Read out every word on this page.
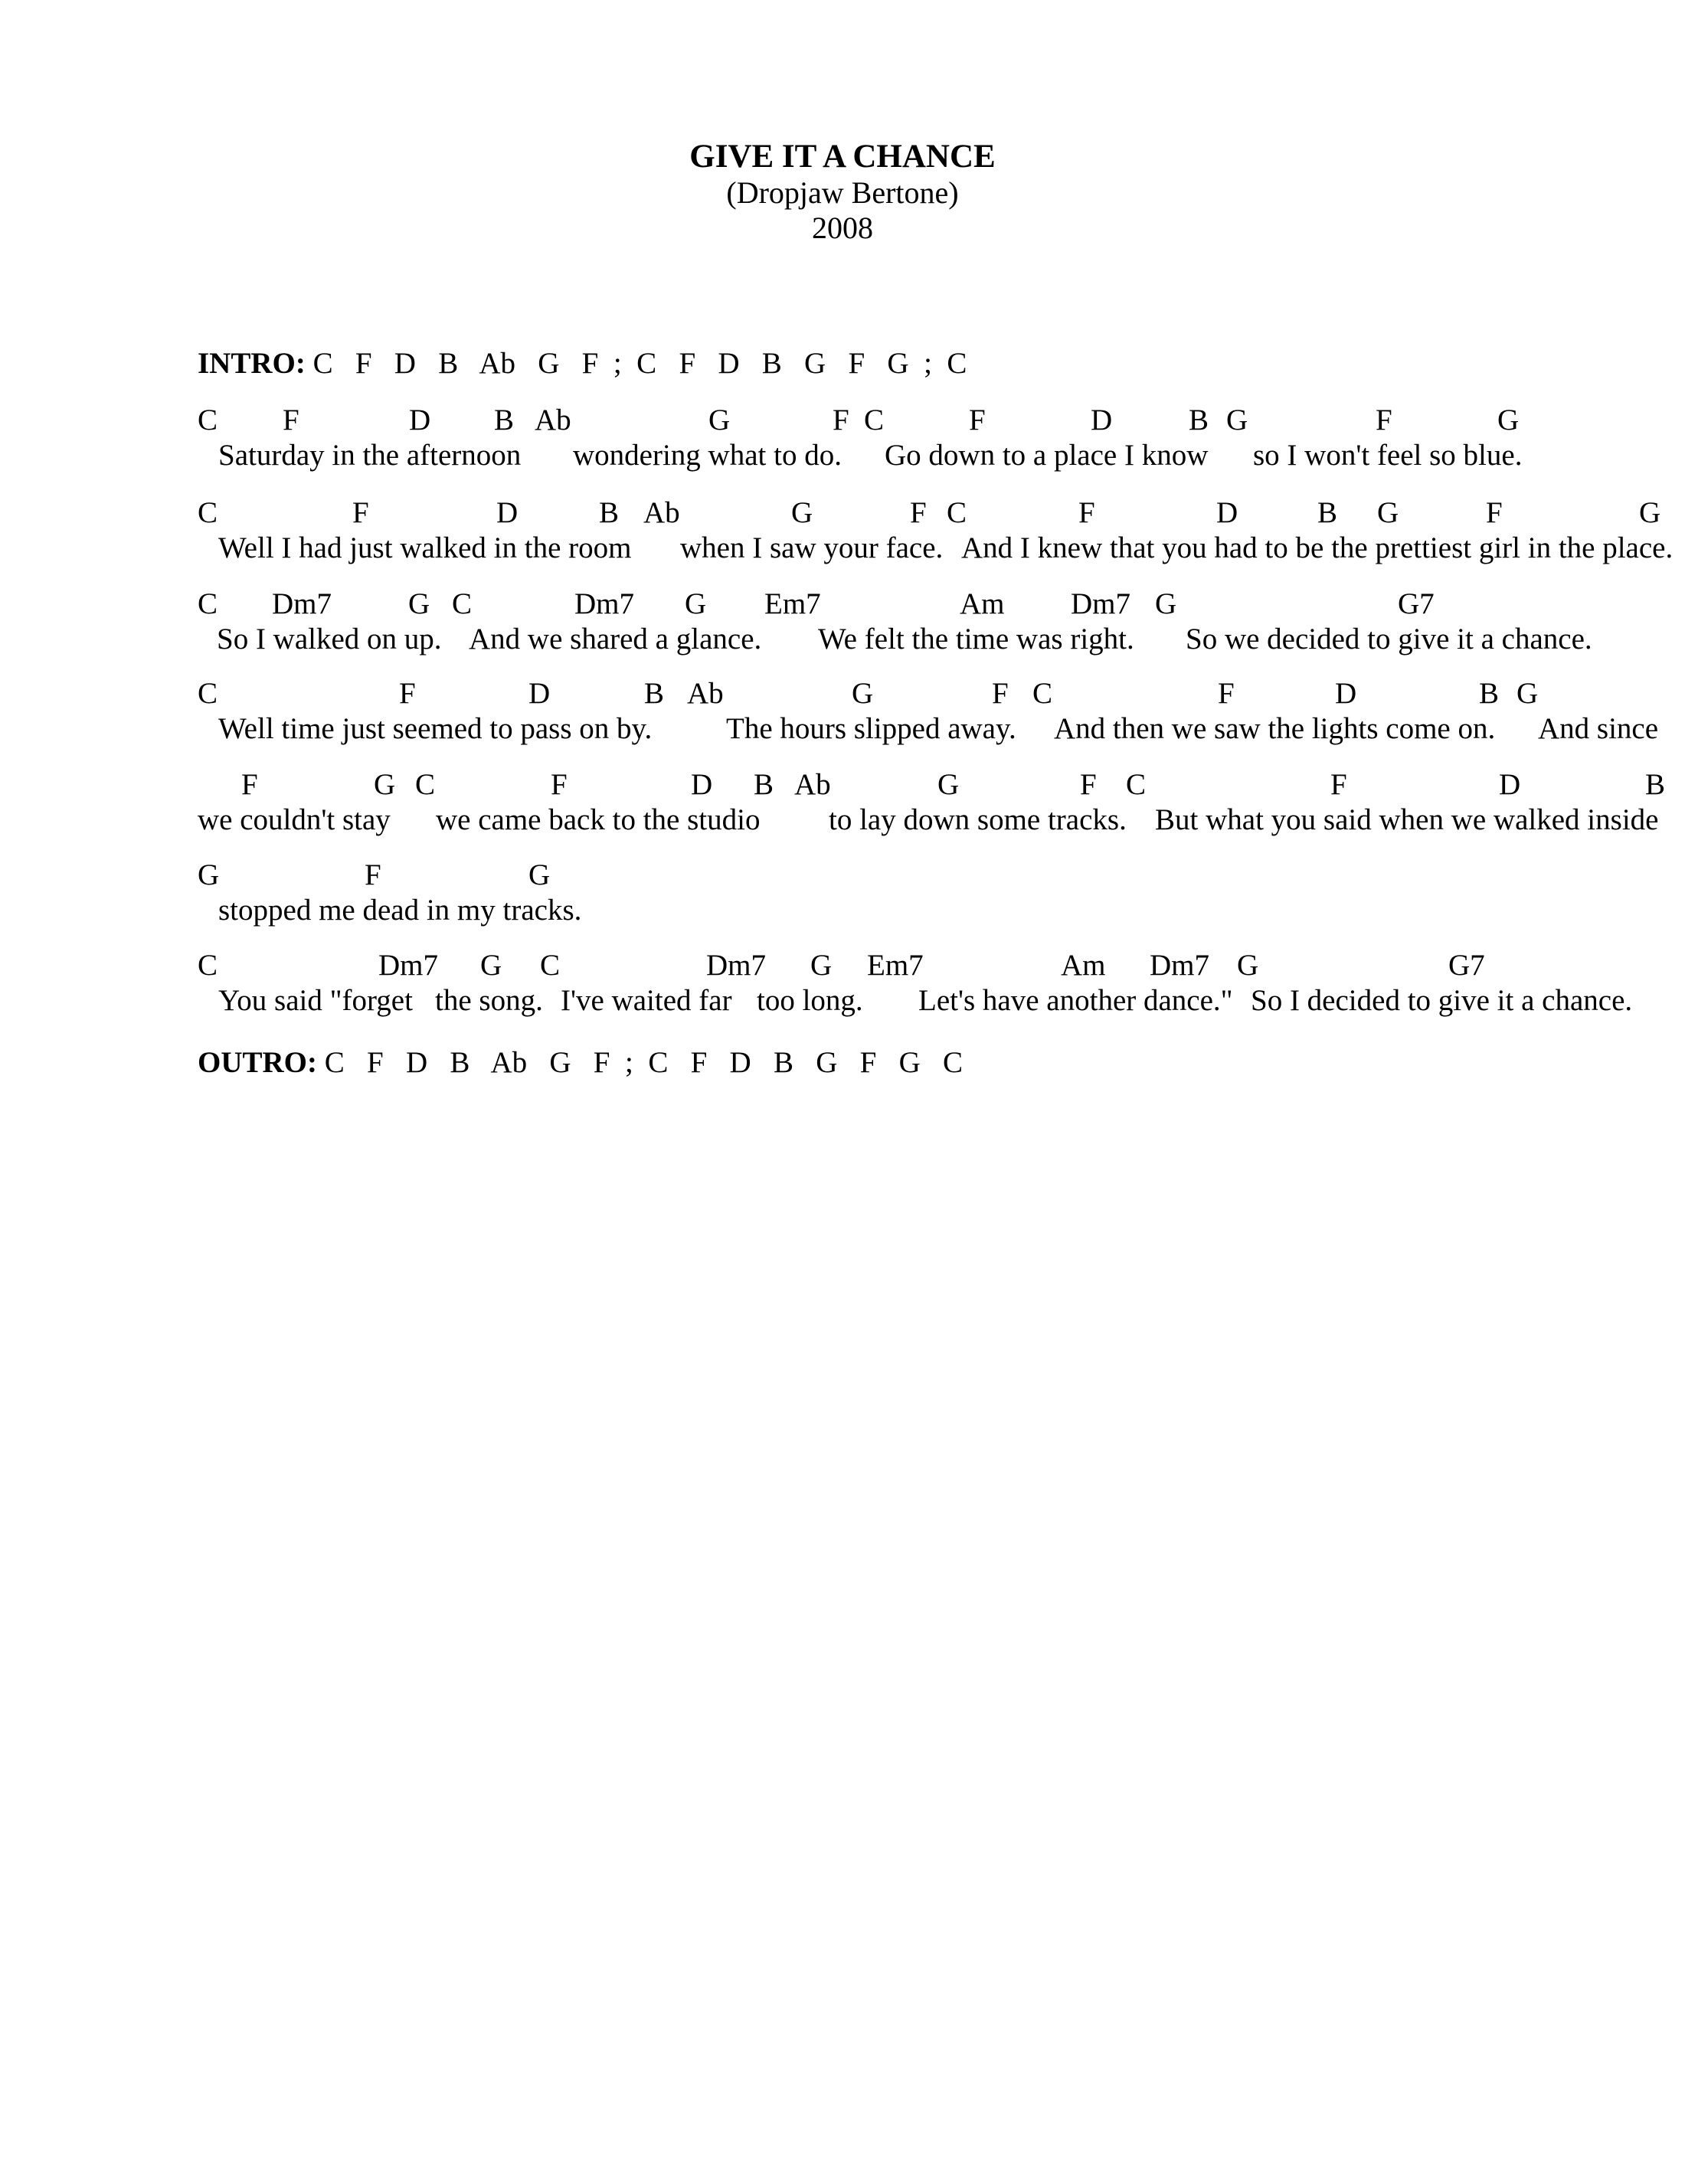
GIVE IT A CHANCE
(Dropjaw Bertone)
2008
INTRO: C   F   D   B   Ab   G   F  ;  C   F   D   B   G   F   G  ;  C
C F	D B Ab	G	F C	F	D	B G	F	G
Saturday in the afternoon wondering what to do. Go down to a place I know so I won't feel so blue.
C	F	D	B Ab	G	F C	F	D	B G	F	G
Well I had just walked in the room when I saw your face. And I knew that you had to be the prettiest girl in the place.
C Dm7	G C	Dm7 G Em7	Am Dm7 G	G7
So I walked on up. And we shared a glance. We felt the time was right. So we decided to give it a chance.
C	F	D	B Ab	G	F C	F	D	B G
Well time just seemed to pass on by. The hours slipped away. And then we saw the lights come on. And since
F	G C	F	D B Ab	G	F C	F	D	B
we couldn't stay we came back to the studio to lay down some tracks. But what you said when we walked inside
G	F	G
stopped me dead in my tracks.
C	Dm7 G C	Dm7 G Em7	Am Dm7 G	G7
You said "forget the song. I've waited far too long. Let's have another dance." So I decided to give it a chance.
OUTRO: C   F   D   B   Ab   G   F  ;  C   F   D   B   G   F   G   C
